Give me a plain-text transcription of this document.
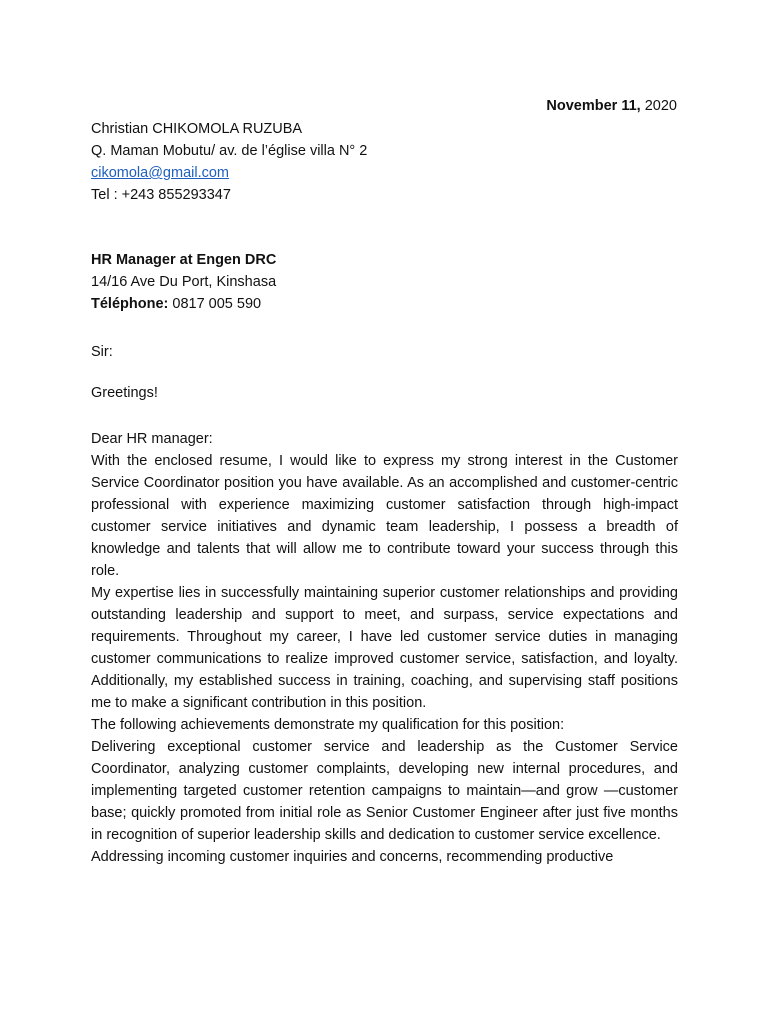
November 11, 2020
Christian CHIKOMOLA RUZUBA
Q. Maman Mobutu/ av. de l’église villa N° 2
cikomola@gmail.com
Tel : +243 855293347
HR Manager at Engen DRC
14/16 Ave Du Port, Kinshasa
Téléphone: 0817 005 590
Sir:
Greetings!

Dear HR manager:

With the enclosed resume, I would like to express my strong interest in the Customer Service Coordinator position you have available. As an accomplished and customer-centric professional with experience maximizing customer satisfaction through high-impact customer service initiatives and dynamic team leadership, I possess a breadth of knowledge and talents that will allow me to contribute toward your success through this role.

My expertise lies in successfully maintaining superior customer relationships and providing outstanding leadership and support to meet, and surpass, service expectations and requirements. Throughout my career, I have led customer service duties in managing customer communications to realize improved customer service, satisfaction, and loyalty. Additionally, my established success in training, coaching, and supervising staff positions me to make a significant contribution in this position.

The following achievements demonstrate my qualification for this position:

Delivering exceptional customer service and leadership as the Customer Service Coordinator, analyzing customer complaints, developing new internal procedures, and implementing targeted customer retention campaigns to maintain—and grow —customer base; quickly promoted from initial role as Senior Customer Engineer after just five months in recognition of superior leadership skills and dedication to customer service excellence.

Addressing incoming customer inquiries and concerns, recommending productive
